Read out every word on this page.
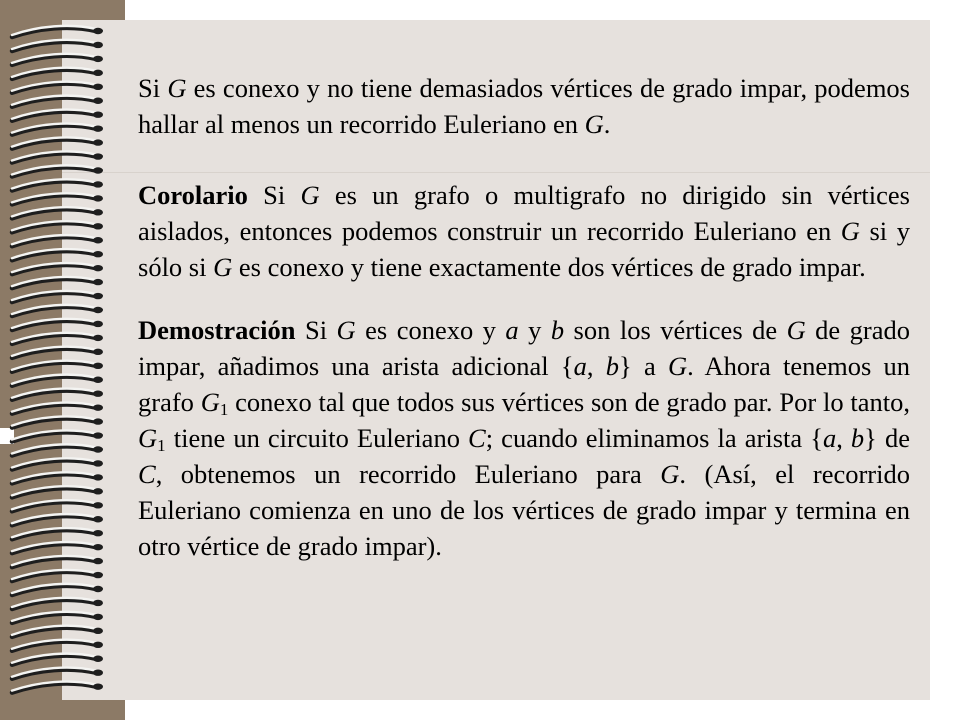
Si G es conexo y no tiene demasiados vértices de grado impar, podemos hallar al menos un recorrido Euleriano en G.

Corolario Si G es un grafo o multigrafo no dirigido sin vértices aislados, entonces podemos construir un recorrido Euleriano en G si y sólo si G es conexo y tiene exactamente dos vértices de grado impar.

Demostración Si G es conexo y a y b son los vértices de G de grado impar, añadimos una arista adicional {a, b} a G. Ahora tenemos un grafo $G_1$ conexo tal que todos sus vértices son de grado par. Por lo tanto, $G_1$ tiene un circuito Euleriano C; cuando eliminamos la arista {a, b} de C, obtenemos un recorrido Euleriano para G. (Así, el recorrido Euleriano comienza en uno de los vértices de grado impar y termina en otro vértice de grado impar).
